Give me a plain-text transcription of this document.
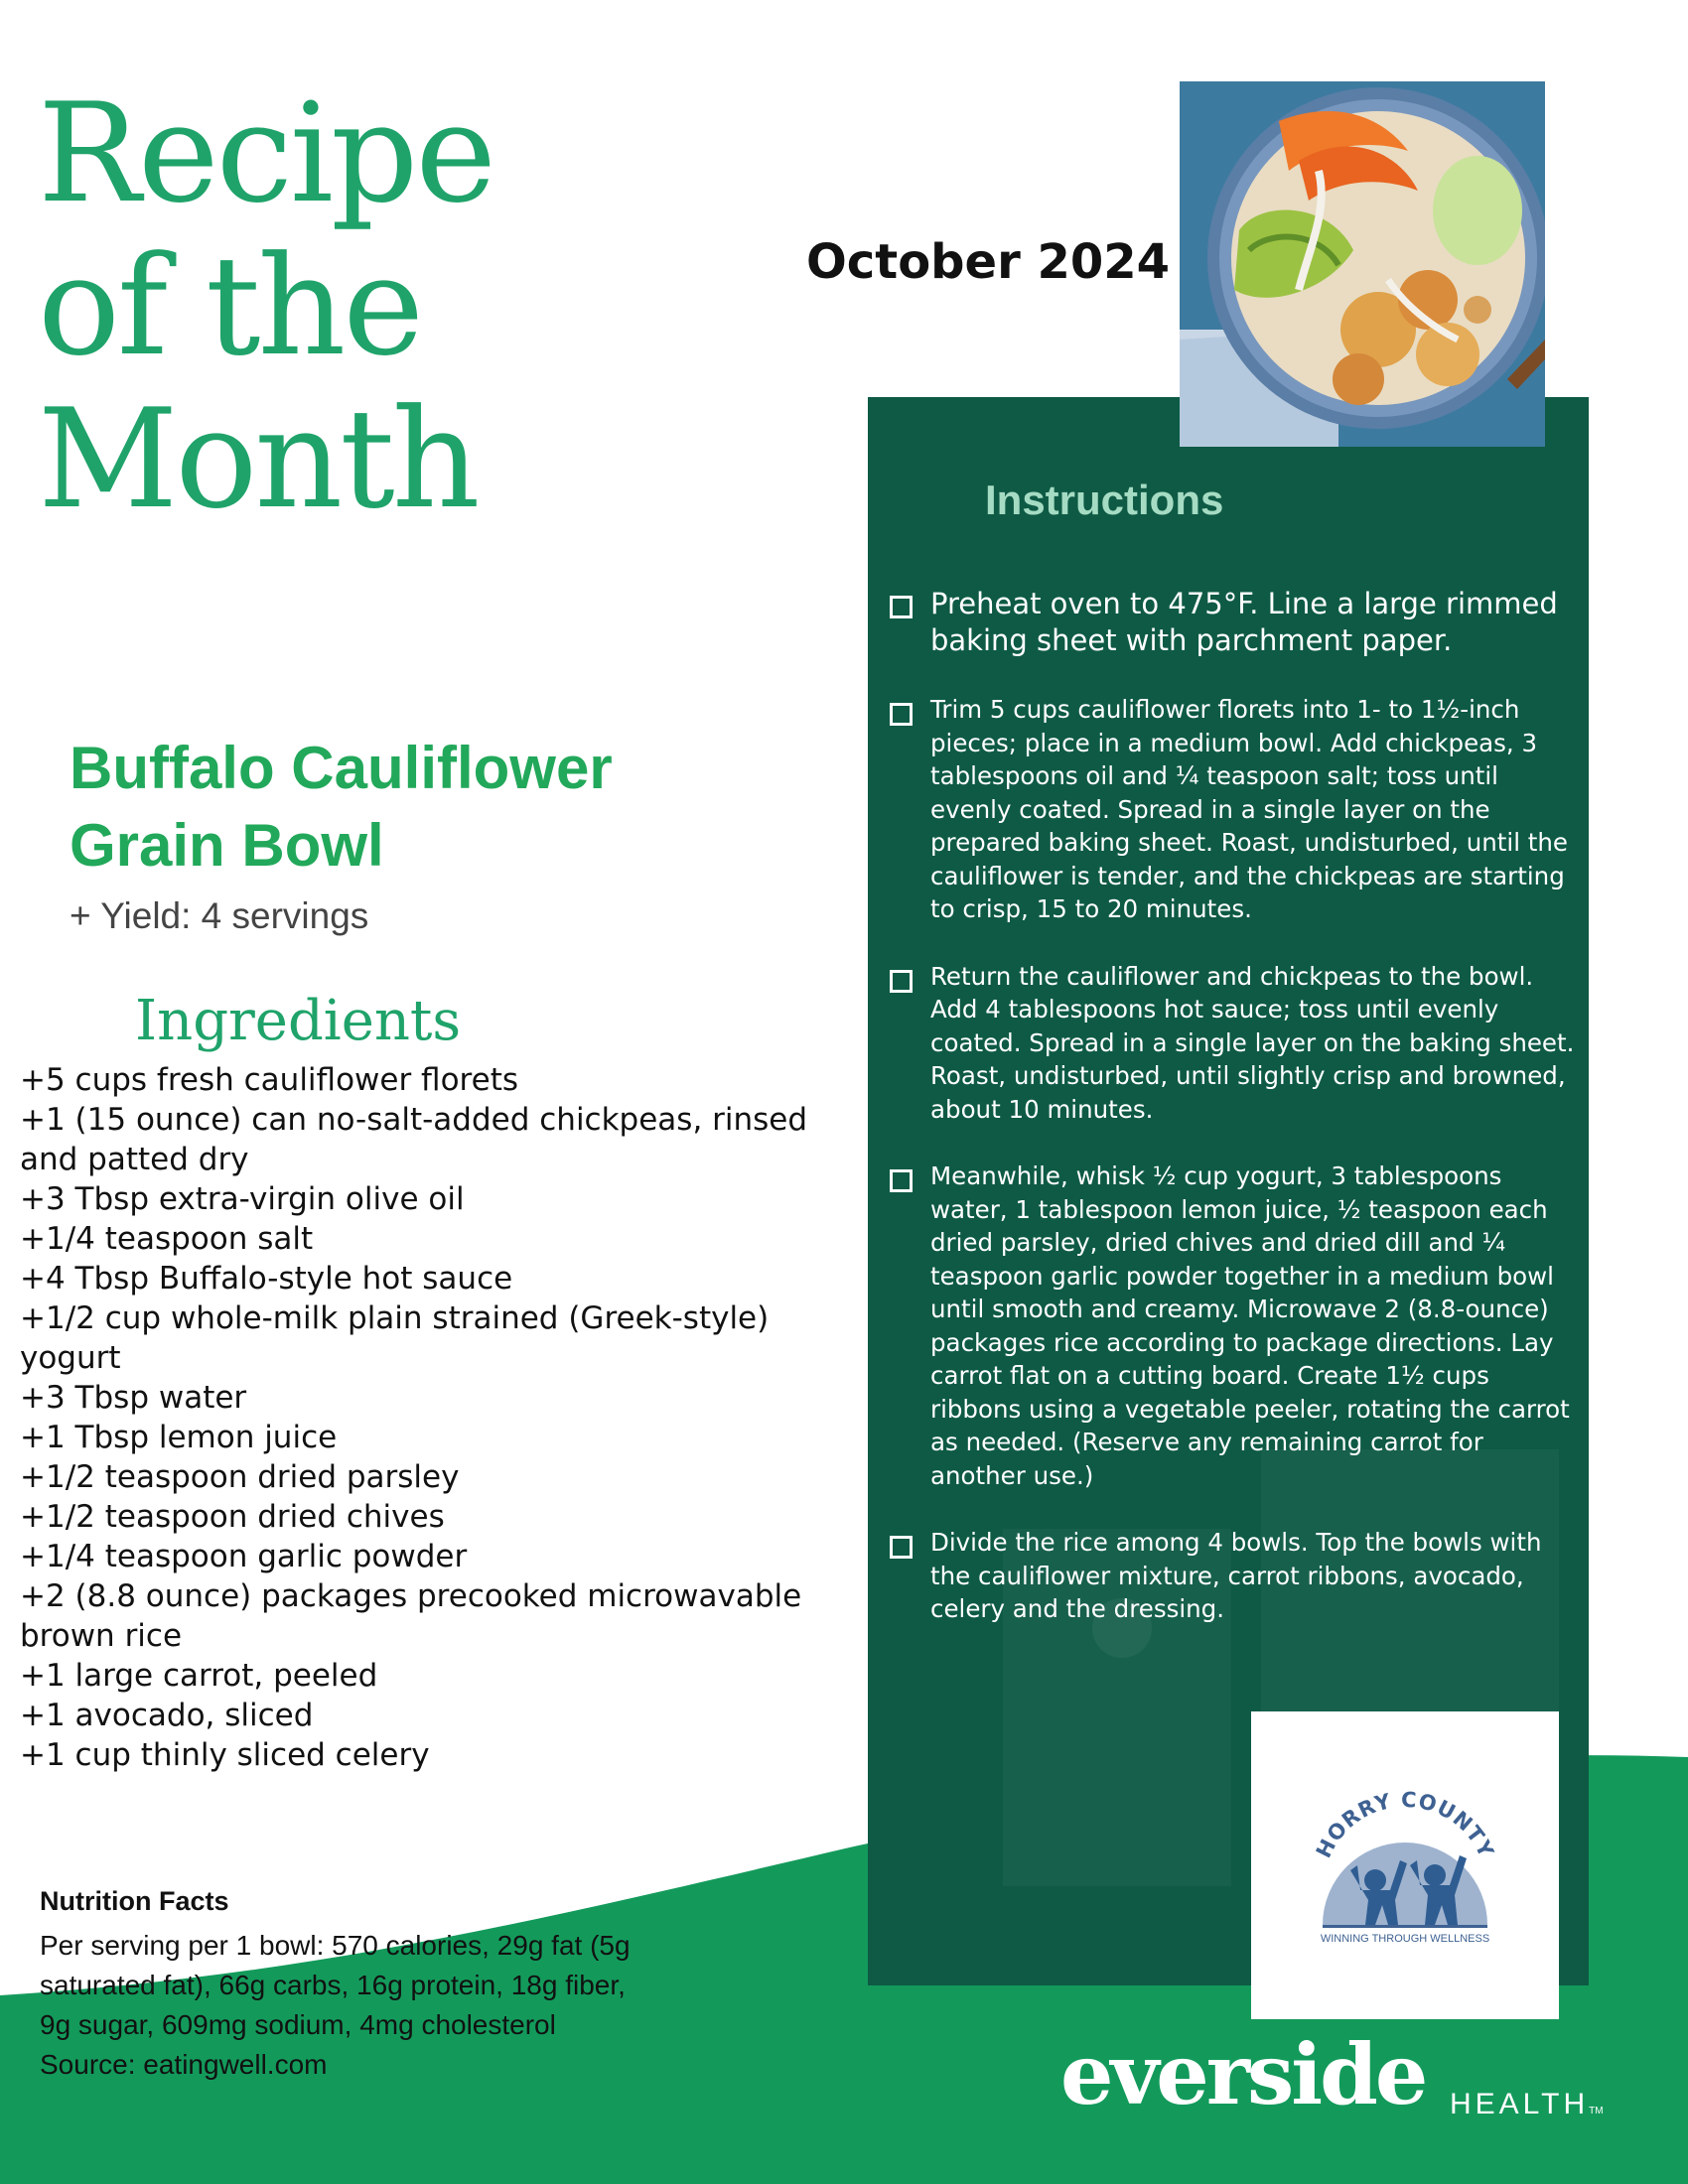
Recipe
of the
Month
October 2024
Buffalo Cauliflower
Grain Bowl
+ Yield: 4 servings
Ingredients
+5 cups fresh cauliflower florets
+1 (15 ounce) can no-salt-added chickpeas, rinsed
and patted dry
+3 Tbsp extra-virgin olive oil
+1/4 teaspoon salt
+4 Tbsp Buffalo-style hot sauce
+1/2 cup whole-milk plain strained (Greek-style)
yogurt
+3 Tbsp water
+1 Tbsp lemon juice
+1/2 teaspoon dried parsley
+1/2 teaspoon dried chives
+1/4 teaspoon garlic powder
+2 (8.8 ounce) packages precooked microwavable
brown rice
+1 large carrot, peeled
+1 avocado, sliced
+1 cup thinly sliced celery
Instructions
Preheat oven to 475°F. Line a large rimmed baking sheet with parchment paper.
Trim 5 cups cauliflower florets into 1- to 1½-inch pieces; place in a medium bowl. Add chickpeas, 3 tablespoons oil and ¼ teaspoon salt; toss until evenly coated. Spread in a single layer on the prepared baking sheet. Roast, undisturbed, until the cauliflower is tender, and the chickpeas are starting to crisp, 15 to 20 minutes.
Return the cauliflower and chickpeas to the bowl. Add 4 tablespoons hot sauce; toss until evenly coated. Spread in a single layer on the baking sheet. Roast, undisturbed, until slightly crisp and browned, about 10 minutes.
Meanwhile, whisk ½ cup yogurt, 3 tablespoons water, 1 tablespoon lemon juice, ½ teaspoon each dried parsley, dried chives and dried dill and ¼ teaspoon garlic powder together in a medium bowl until smooth and creamy. Microwave 2 (8.8-ounce) packages rice according to package directions. Lay carrot flat on a cutting board. Create 1½ cups ribbons using a vegetable peeler, rotating the carrot as needed. (Reserve any remaining carrot for another use.)
Divide the rice among 4 bowls. Top the bowls with the cauliflower mixture, carrot ribbons, avocado, celery and the dressing.
HORRY COUNTY
WINNING THROUGH WELLNESS
Nutrition Facts
Per serving per 1 bowl: 570 calories, 29g fat (5g
saturated fat), 66g carbs, 16g protein, 18g fiber,
9g sugar, 609mg sodium, 4mg cholesterol
Source: eatingwell.com	everside HEALTHTM
